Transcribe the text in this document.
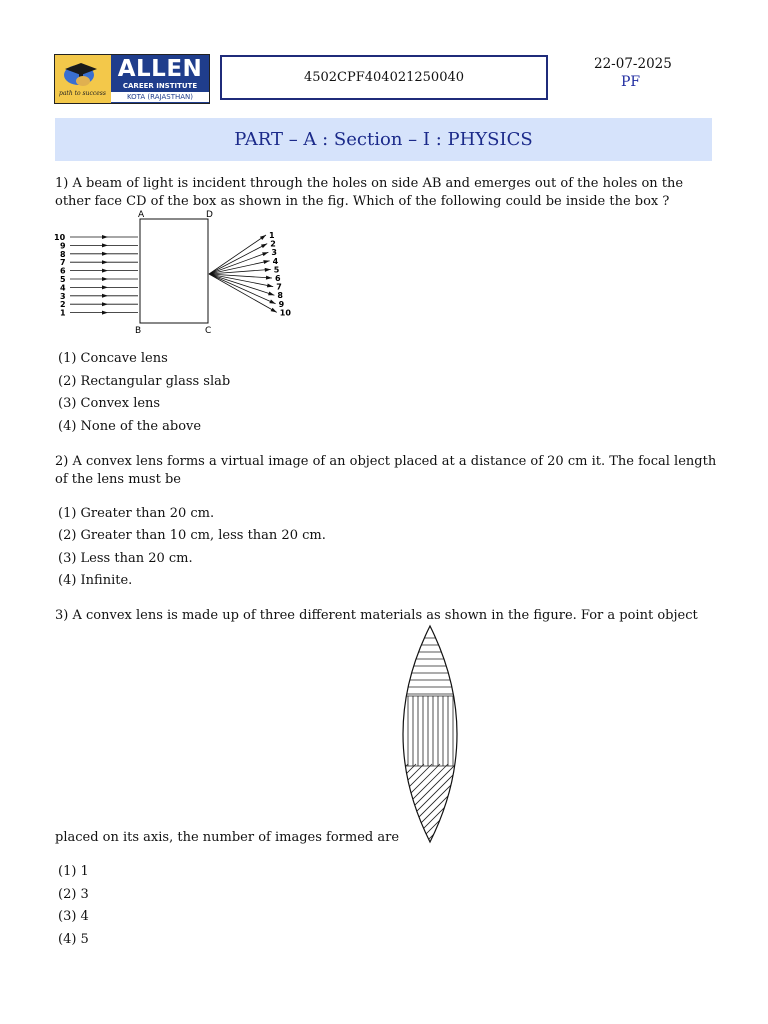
path to success
ALLEN
CAREER INSTITUTE
KOTA (RAJASTHAN)
4502CPF404021250040
22-07-2025
PF
PART – A : Section – I : PHYSICS
1) A beam of light is incident through the holes on side AB and emerges out of the holes on the other face CD of the box as shown in the fig. Which of the following could be inside the box ?
A	D
B	C
10
9
8
7
6
5
4
3
2
1
1
2
3
4
5
6
7
8
9
10
(1) Concave lens
(2) Rectangular glass slab
(3) Convex lens
(4) None of the above
2) A convex lens forms a virtual image of an object placed at a distance of 20 cm it. The focal length of the lens must be
(1) Greater than 20 cm.
(2) Greater than 10 cm, less than 20 cm.
(3) Less than 20 cm.
(4) Infinite.
3) A convex lens is made up of three different materials as shown in the figure. For a point object
placed on its axis, the number of images formed are
(1) 1
(2) 3
(3) 4
(4) 5
